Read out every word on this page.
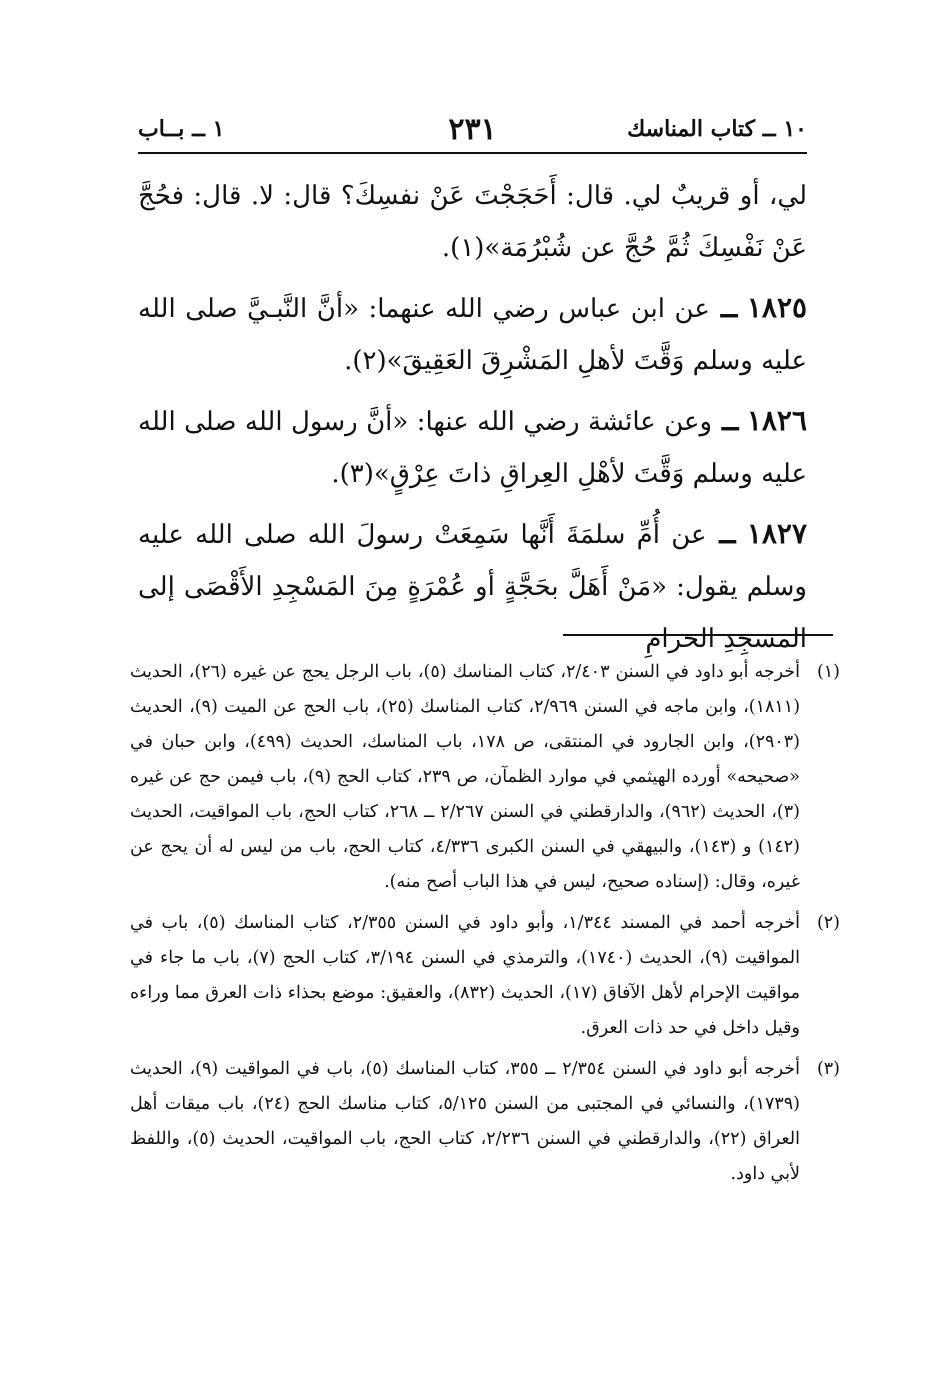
١٠ ــ كتاب المناسك
٢٣١
١ ــ بــاب

لي، أو قريبٌ لي. قال: أَحَجَجْتَ عَنْ نفسِكَ؟ قال: لا. قال: فحُجَّ عَنْ نَفْسِكَ ثُمَّ حُجَّ عن شُبْرُمَة»(١).

١٨٢٥ ــ عن ابن عباس رضي الله عنهما: «أنَّ النَّبـيَّ صلى الله عليه وسلم وَقَّتَ لأهلِ المَشْرِقَ العَقِيقَ»(٢).

١٨٢٦ ــ وعن عائشة رضي الله عنها: «أنَّ رسول الله صلى الله عليه وسلم وَقَّتَ لأهْلِ العِراقِ ذاتَ عِرْقٍ»(٣).

١٨٢٧ ــ عن أُمِّ سلمَةَ أَنَّها سَمِعَتْ رسولَ الله صلى الله عليه وسلم يقول: «مَنْ أَهَلَّ بحَجَّةٍ أو عُمْرَةٍ مِنَ المَسْجِدِ الأَقْصَى إلى المسجِدِ الحرامِ

(١)
أخرجه أبو داود في السنن ٢/٤٠٣، كتاب المناسك (٥)، باب الرجل يحج عن غيره (٢٦)، الحديث (١٨١١)، وابن ماجه في السنن ٢/٩٦٩، كتاب المناسك (٢٥)، باب الحج عن الميت (٩)، الحديث (٢٩٠٣)، وابن الجارود في المنتقى، ص ١٧٨، باب المناسك، الحديث (٤٩٩)، وابن حبان في «صحيحه» أورده الهيثمي في موارد الظمآن، ص ٢٣٩، كتاب الحج (٩)، باب فيمن حج عن غيره (٣)، الحديث (٩٦٢)، والدارقطني في السنن ٢/٢٦٧ ــ ٢٦٨، كتاب الحج، باب المواقيت، الحديث (١٤٢) و (١٤٣)، والبيهقي في السنن الكبرى ٤/٣٣٦، كتاب الحج، باب من ليس له أن يحج عن غيره، وقال: (إسناده صحيح، ليس في هذا الباب أصح منه).
(٢)
أخرجه أحمد في المسند ١/٣٤٤، وأبو داود في السنن ٢/٣٥٥، كتاب المناسك (٥)، باب في المواقيت (٩)، الحديث (١٧٤٠)، والترمذي في السنن ٣/١٩٤، كتاب الحج (٧)، باب ما جاء في مواقيت الإحرام لأهل الآفاق (١٧)، الحديث (٨٣٢)، والعقيق: موضع بحذاء ذات العرق مما وراءه وقيل داخل في حد ذات العرق.
(٣)
أخرجه أبو داود في السنن ٢/٣٥٤ ــ ٣٥٥، كتاب المناسك (٥)، باب في المواقيت (٩)، الحديث (١٧٣٩)، والنسائي في المجتبى من السنن ٥/١٢٥، كتاب مناسك الحج (٢٤)، باب ميقات أهل العراق (٢٢)، والدارقطني في السنن ٢/٢٣٦، كتاب الحج، باب المواقيت، الحديث (٥)، واللفظ لأبي داود.
